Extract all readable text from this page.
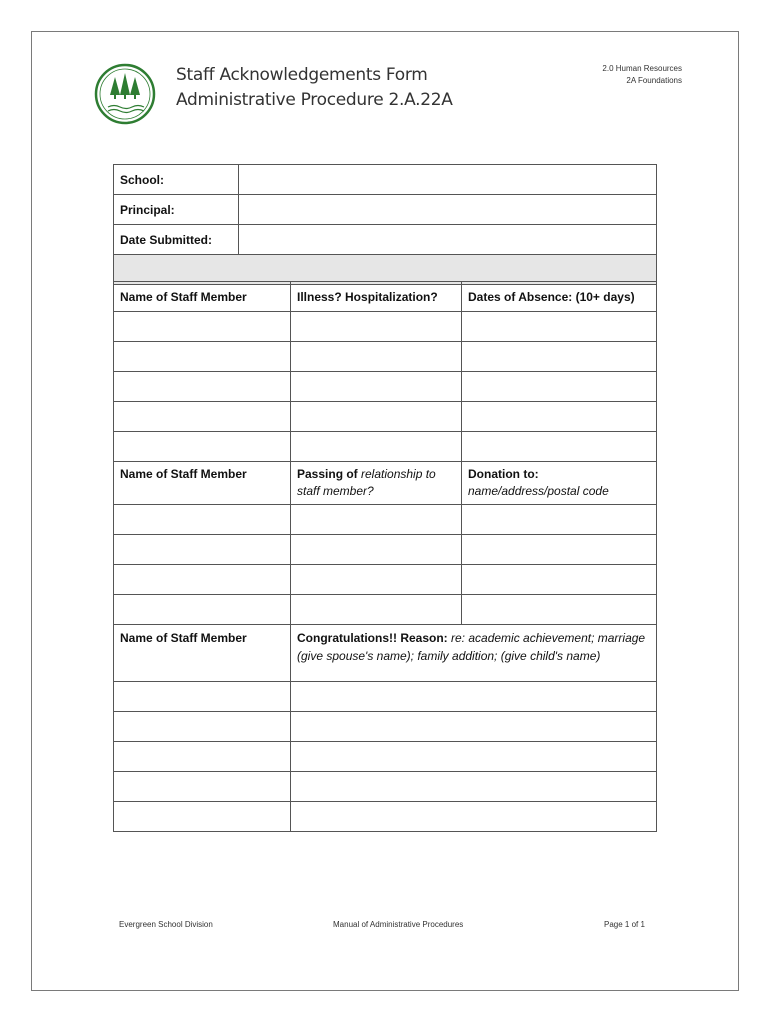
Staff Acknowledgements Form
Administrative Procedure 2.A.22A
2.0 Human Resources
2A Foundations
School:	
Principal:	
Date Submitted:	

Name of Staff Member	Illness? Hospitalization?	Dates of Absence: (10+ days)

Name of Staff Member	Passing of relationship to staff member?	Donation to:
name/address/postal code

Name of Staff Member	Congratulations!! Reason: re: academic achievement; marriage (give spouse's name); family addition; (give child's name)	

Evergreen School Division	Manual of Administrative Procedures	Page 1 of 1
